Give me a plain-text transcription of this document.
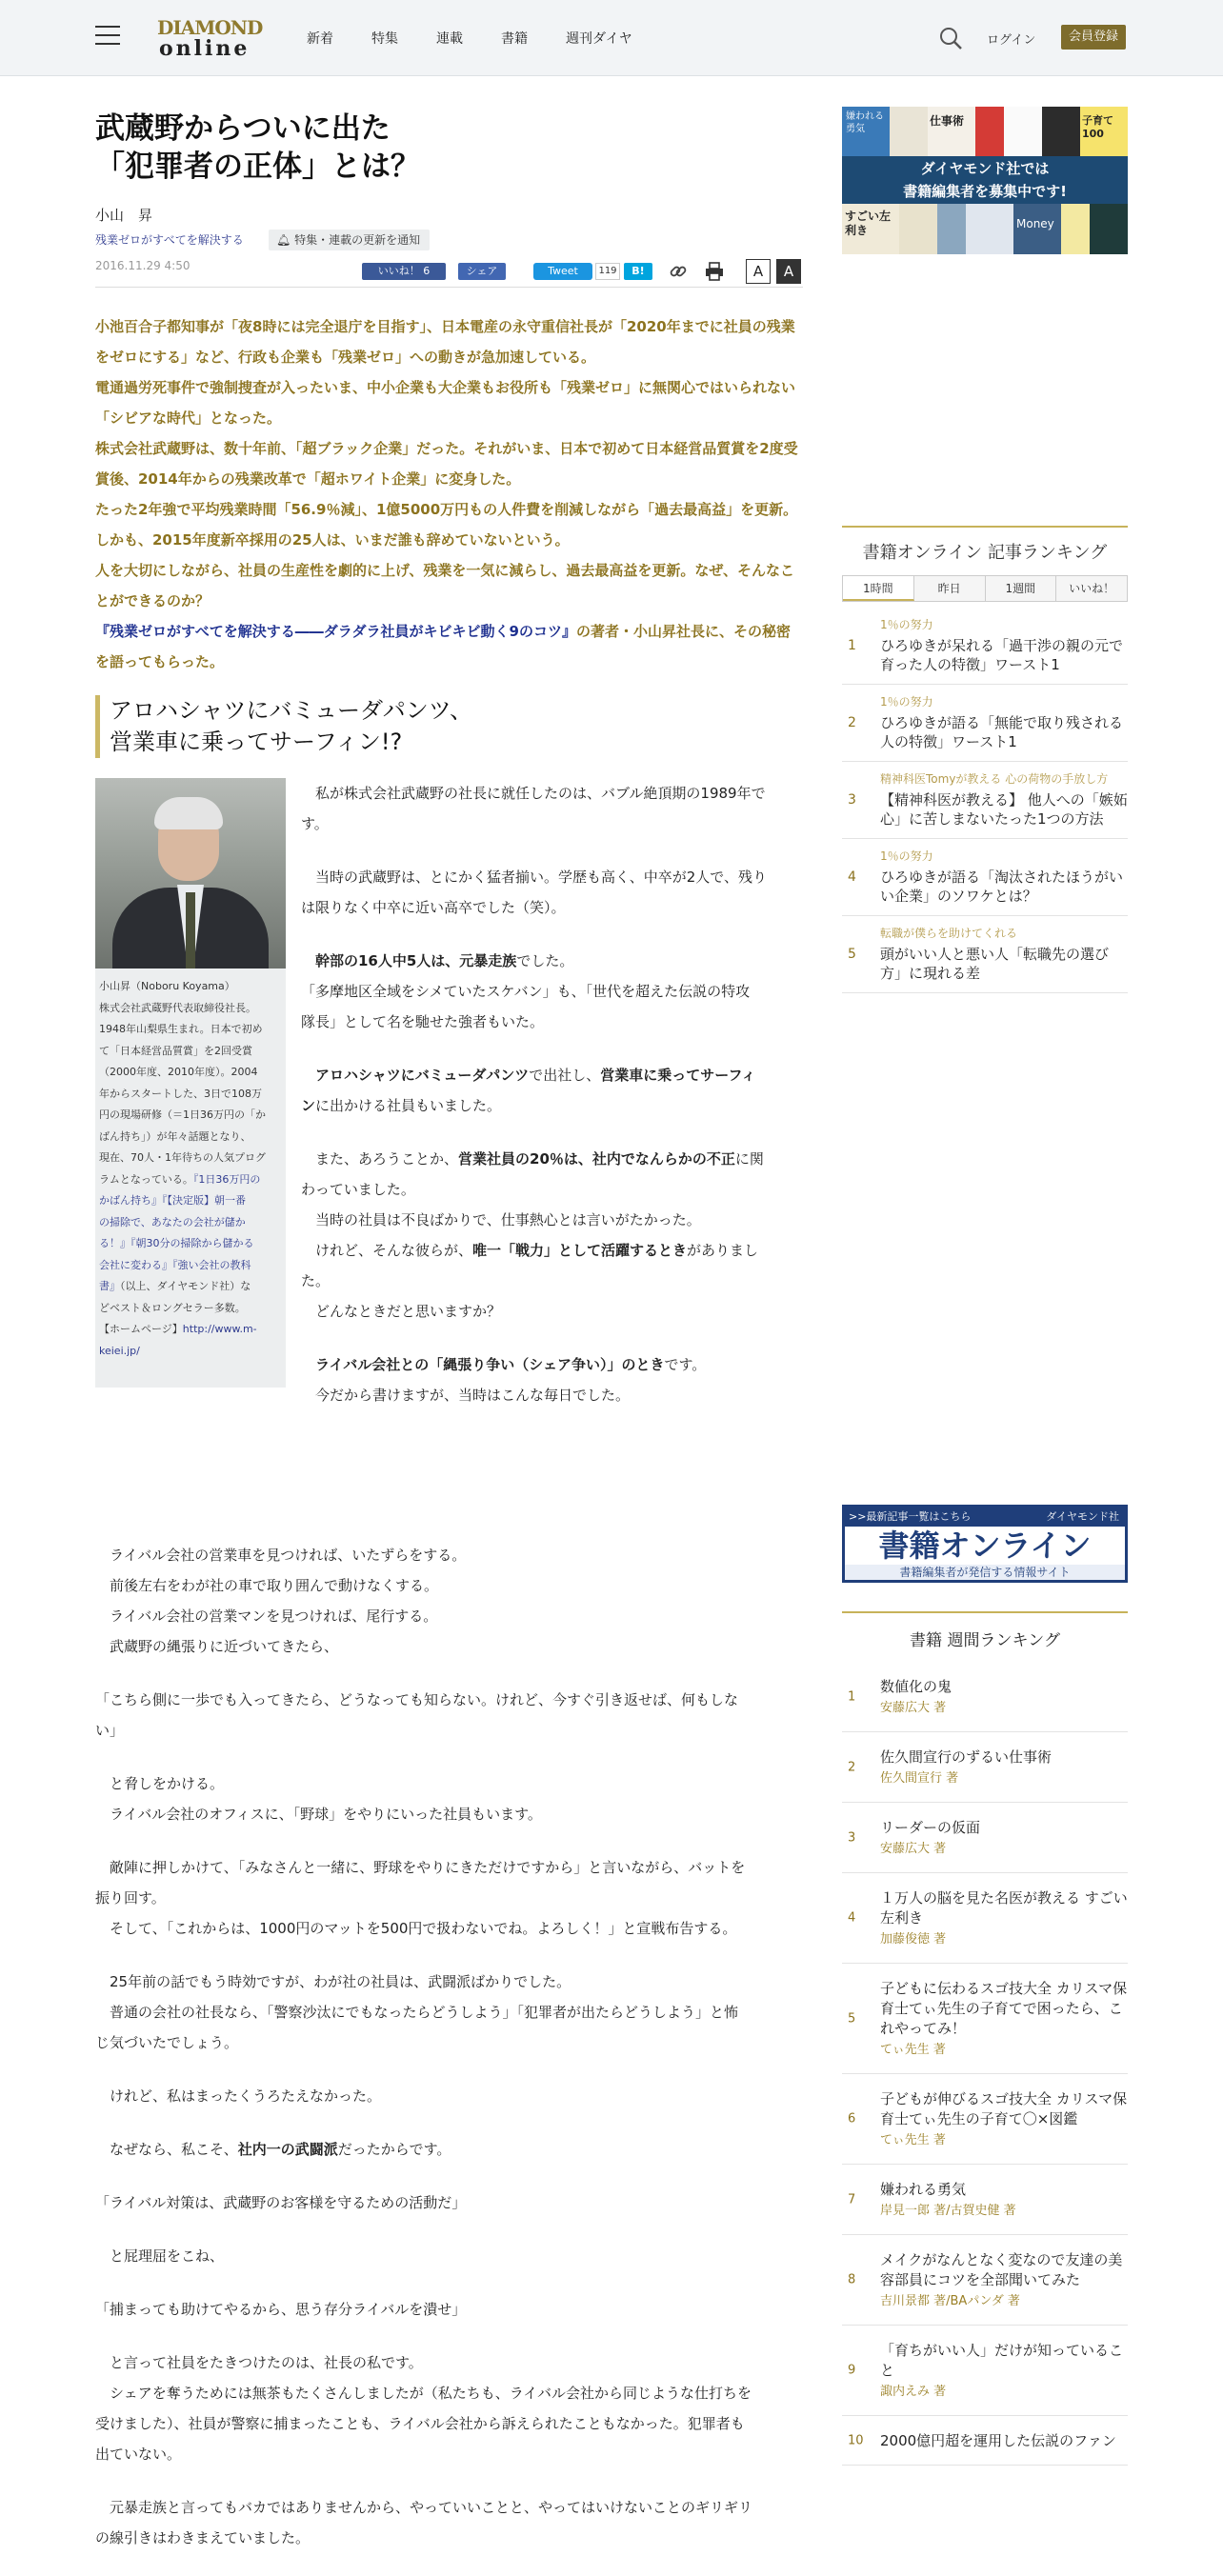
DIAMOND
online	新着	特集	連載	書籍	週刊ダイヤ	ログイン	会員登録
武蔵野からついに出た
「犯罪者の正体」とは？
小山　昇
残業ゼロがすべてを解決する	🔔︎ 特集・連載の更新を通知
2016.11.29 4:50	いいね！ 6	シェア	Tweet	119	B!	A	A

小池百合子都知事が「夜8時には完全退庁を目指す」、日本電産の永守重信社長が「2020年までに社員の残業をゼロにする」など、行政も企業も「残業ゼロ」への動きが急加速している。

電通過労死事件で強制捜査が入ったいま、中小企業も大企業もお役所も「残業ゼロ」に無関心ではいられない「シビアな時代」となった。

株式会社武蔵野は、数十年前、「超ブラック企業」だった。それがいま、日本で初めて日本経営品質賞を2度受賞後、2014年からの残業改革で「超ホワイト企業」に変身した。

たった2年強で平均残業時間「56.9％減」、1億5000万円もの人件費を削減しながら「過去最高益」を更新。しかも、2015年度新卒採用の25人は、いまだ誰も辞めていないという。

人を大切にしながら、社員の生産性を劇的に上げ、残業を一気に減らし、過去最高益を更新。なぜ、そんなことができるのか？

『残業ゼロがすべてを解決する――ダラダラ社員がキビキビ動く9のコツ』の著者・小山昇社長に、その秘密を語ってもらった。

アロハシャツにバミューダパンツ、
営業車に乗ってサーフィン!?
小山昇（Noboru Koyama）
株式会社武蔵野代表取締役社長。
1948年山梨県生まれ。日本で初め
て「日本経営品質賞」を2回受賞
（2000年度、2010年度）。2004
年からスタートした、3日で108万
円の現場研修（＝1日36万円の「か
ばん持ち」）が年々話題となり、
現在、70人・1年待ちの人気プログ
ラムとなっている。『1日36万円の
かばん持ち』『【決定版】朝一番
の掃除で、あなたの会社が儲か
る！』『朝30分の掃除から儲かる
会社に変わる』『強い会社の教科
書』（以上、ダイヤモンド社）な
どベスト＆ロングセラー多数。
【ホームページ】http://www.m-
keiei.jp/
　私が株式会社武蔵野の社長に就任したのは、バブル絶頂期の1989年で
す。
　当時の武蔵野は、とにかく猛者揃い。学歴も高く、中卒が2人で、残り
は限りなく中卒に近い高卒でした（笑）。
　幹部の16人中5人は、元暴走族でした。
「多摩地区全域をシメていたスケバン」も、「世代を超えた伝説の特攻
隊長」として名を馳せた強者もいた。
　アロハシャツにバミューダパンツで出社し、営業車に乗ってサーフィ
ンに出かける社員もいました。
　また、あろうことか、営業社員の20％は、社内でなんらかの不正に関
わっていました。
　当時の社員は不良ばかりで、仕事熱心とは言いがたかった。
　けれど、そんな彼らが、唯一「戦力」として活躍するときがありまし
た。
　どんなときだと思いますか？
　ライバル会社との「縄張り争い（シェア争い）」のときです。
　今だから書けますが、当時はこんな毎日でした。
　ライバル会社の営業車を見つければ、いたずらをする。
　前後左右をわが社の車で取り囲んで動けなくする。
　ライバル会社の営業マンを見つければ、尾行する。
　武蔵野の縄張りに近づいてきたら、
「こちら側に一歩でも入ってきたら、どうなっても知らない。けれど、今すぐ引き返せば、何もしな
い」
　と脅しをかける。
　ライバル会社のオフィスに、「野球」をやりにいった社員もいます。
　敵陣に押しかけて、「みなさんと一緒に、野球をやりにきただけですから」と言いながら、バットを
振り回す。
　そして、「これからは、1000円のマットを500円で扱わないでね。よろしく！」と宣戦布告する。
　25年前の話でもう時効ですが、わが社の社員は、武闘派ばかりでした。
　普通の会社の社長なら、「警察沙汰にでもなったらどうしよう」「犯罪者が出たらどうしよう」と怖
じ気づいたでしょう。
　けれど、私はまったくうろたえなかった。
　なぜなら、私こそ、社内一の武闘派だったからです。
「ライバル対策は、武蔵野のお客様を守るための活動だ」
　と屁理屈をこね、
「捕まっても助けてやるから、思う存分ライバルを潰せ」
　と言って社員をたきつけたのは、社長の私です。
　シェアを奪うためには無茶もたくさんしましたが（私たちも、ライバル会社から同じような仕打ちを
受けました）、社員が警察に捕まったことも、ライバル会社から訴えられたこともなかった。犯罪者も
出ていない。
　元暴走族と言ってもバカではありませんから、やっていいことと、やってはいけないことのギリギリ
の線引きはわきまえていました。
嫌われる勇気
仕事術	子育て100
ダイヤモンド社では
書籍編集者を募集中です!
すごい左利き	Money
書籍オンライン 記事ランキング
1時間	昨日	1週間	いいね！
1
1％の努力
ひろゆきが呆れる「過干渉の親の元で育った人の特徴」ワースト1
2
1％の努力
ひろゆきが語る「無能で取り残される人の特徴」ワースト1
3
精神科医Tomyが教える 心の荷物の手放し方
【精神科医が教える】 他人への「嫉妬心」に苦しまないたった1つの方法
4
1％の努力
ひろゆきが語る「淘汰されたほうがいい企業」のソワケとは？
5
転職が僕らを助けてくれる
頭がいい人と悪い人「転職先の選び方」に現れる差
>>最新記事一覧はこちら	ダイヤモンド社
書籍オンライン
書籍編集者が発信する情報サイト
書籍 週間ランキング
1
数値化の鬼
安藤広大 著
2
佐久間宣行のずるい仕事術
佐久間宣行 著
3
リーダーの仮面
安藤広大 著
4
１万人の脳を見た名医が教える すごい左利き
加藤俊徳 著
5
子どもに伝わるスゴ技大全 カリスマ保育士てぃ先生の子育てで困ったら、これやってみ！
てぃ先生 著
6
子どもが伸びるスゴ技大全 カリスマ保育士てぃ先生の子育て〇×図鑑
てぃ先生 著
7
嫌われる勇気
岸見一郎 著/古賀史健 著
8
メイクがなんとなく変なので友達の美容部員にコツを全部聞いてみた
吉川景都 著/BAパンダ 著
9
「育ちがいい人」だけが知っていること
諏内えみ 著
10 2000億円超を運用した伝説のファン
